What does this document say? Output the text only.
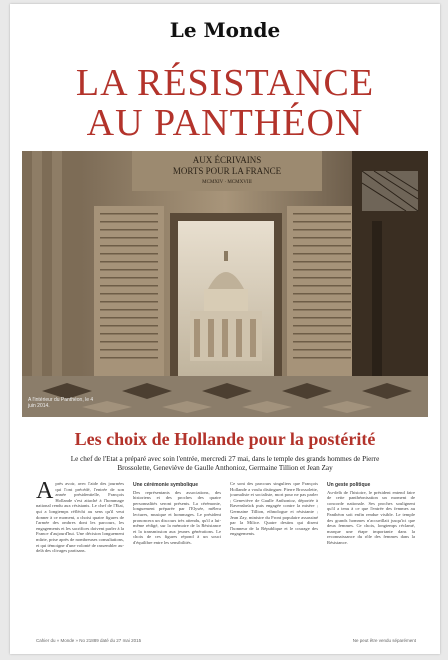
Le Monde
LA RÉSISTANCE
AU PANTHÉON
AUX ÉCRIVAINS
MORTS POUR LA FRANCE
MCMXIV · MCMXVIII
A l'intérieur du Panthéon, le 4 juin 2014.
Les choix de Hollande pour la postérité
Le chef de l'Etat a préparé avec soin l'entrée, mercredi 27 mai, dans le temple des grands hommes de Pierre Brossolette, Geneviève de Gaulle Anthonioz, Germaine Tillion et Jean Zay
A près avoir, avec l'aide des journées qui l'ont précédé, l'entrée de son année présidentielle, François Hollande s'est attaché à l'hommage national rendu aux résistants. Le chef de l'Etat, qui a longtemps réfléchi au sens qu'il veut donner à ce moment, a choisi quatre figures de l'armée des ombres dont les parcours, les engagements et les sacrifices doivent parler à la France d'aujourd'hui. Une décision longuement mûrie, prise après de nombreuses consultations, et qui témoigne d'une volonté de rassembler au-delà des clivages partisans.
Une cérémonie symbolique
Des représentants des associations, des historiens et des proches des quatre personnalités seront présents. La cérémonie, longuement préparée par l'Elysée, mêlera lectures, musique et hommages. Le président prononcera un discours très attendu, qu'il a lui-même rédigé, sur la mémoire de la Résistance et la transmission aux jeunes générations. Le choix de ces figures répond à un souci d'équilibre entre les sensibilités.
Ce sont des parcours singuliers que François Hollande a voulu distinguer. Pierre Brossolette, journaliste et socialiste, mort pour ne pas parler ; Geneviève de Gaulle Anthonioz, déportée à Ravensbrück puis engagée contre la misère ; Germaine Tillion, ethnologue et résistante ; Jean Zay, ministre du Front populaire assassiné par la Milice. Quatre destins qui disent l'honneur de la République et le courage des engagements.
Un geste politique
Au-delà de l'histoire, le président entend faire de cette panthéonisation un moment de concorde nationale. Ses proches soulignent qu'il a tenu à ce que l'entrée des femmes au Panthéon soit enfin rendue visible. Le temple des grands hommes n'accueillait jusqu'ici que deux femmes. Ce choix, longtemps réclamé, marque une étape importante dans la reconnaissance du rôle des femmes dans la Résistance.
Cahier du « Monde » No 21889 daté du 27 mai 2015	Ne peut être vendu séparément
